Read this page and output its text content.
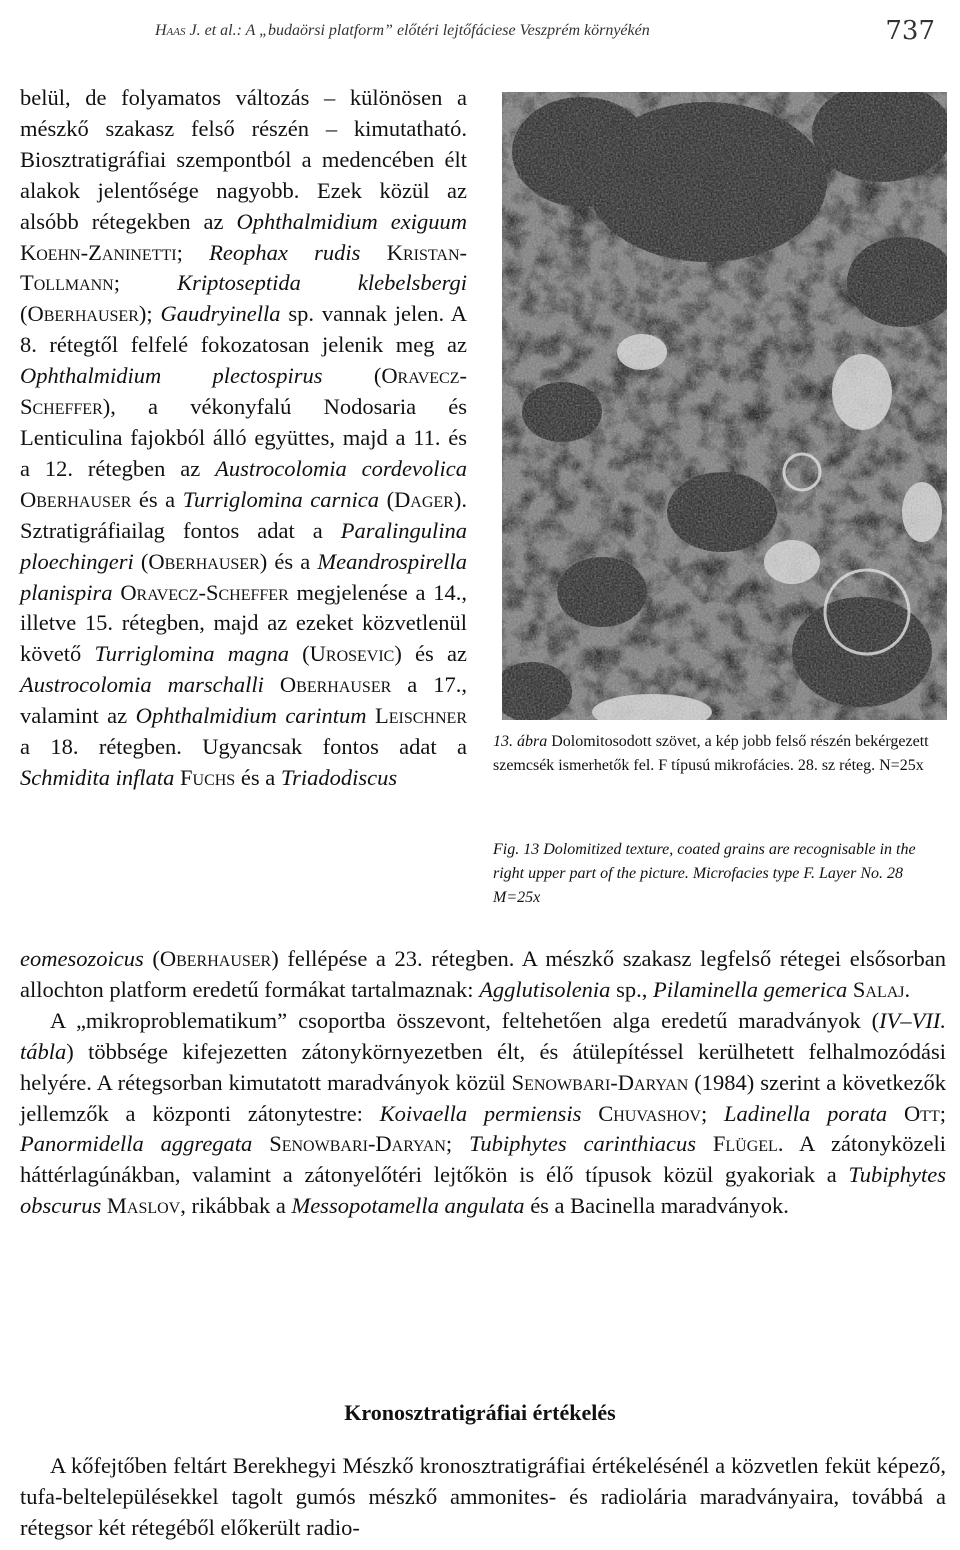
Haas J. et al.: A „budaörsi platform” előtéri lejtőfáciese Veszprém környékén	737

belül, de folyamatos változás – különösen a mészkő szakasz felső részén – kimutatható. Biosztratigráfiai szempontból a medencében élt alakok jelentősége nagyobb. Ezek közül az alsóbb rétegekben az Ophthalmidium exiguum Koehn-Zaninetti; Reophax rudis Kristan-Tollmann; Kriptoseptida klebelsbergi (Oberhauser); Gaudryinella sp. vannak jelen. A 8. rétegtől felfelé fokozatosan jelenik meg az Ophthalmidium plectospirus (Oravecz-Scheffer), a vékonyfalú Nodosaria és Lenticulina fajokból álló együttes, majd a 11. és a 12. rétegben az Austrocolomia cordevolica Oberhauser és a Turriglomina carnica (Dager). Sztratigráfiailag fontos adat a Paralingulina ploechingeri (Oberhauser) és a Meandrospirella planispira Oravecz-Scheffer megjelenése a 14., illetve 15. rétegben, majd az ezeket közvetlenül követő Turriglomina magna (Urosevic) és az Austrocolomia marschalli Oberhauser a 17., valamint az Ophthalmidium carintum Leischner a 18. rétegben. Ugyancsak fontos adat a Schmidita inflata Fuchs és a Triadodiscus

13. ábra Dolomitosodott szövet, a kép jobb felső részén bekérgezett szemcsék ismerhetők fel. F típusú mikrofácies. 28. sz réteg. N=25x
Fig. 13 Dolomitized texture, coated grains are recognisable in the right upper part of the picture. Microfacies type F. Layer No. 28 M=25x

eomesozoicus (Oberhauser) fellépése a 23. rétegben. A mészkő szakasz legfelső rétegei elsősorban allochton platform eredetű formákat tartalmaznak: Agglutisolenia sp., Pilaminella gemerica Salaj.

A „mikroproblematikum” csoportba összevont, feltehetően alga eredetű maradványok (IV–VII. tábla) többsége kifejezetten zátonykörnyezetben élt, és átülepítéssel kerülhetett felhalmozódási helyére. A rétegsorban kimutatott maradványok közül Senowbari-Daryan (1984) szerint a következők jellemzők a központi zátonytestre: Koivaella permiensis Chuvashov; Ladinella porata Ott; Panormidella aggregata Senowbari-Daryan; Tubiphytes carinthiacus Flügel. A zátonyközeli háttérlagúnákban, valamint a zátonyelőtéri lejtőkön is élő típusok közül gyakoriak a Tubiphytes obscurus Maslov, rikábbak a Messopotamella angulata és a Bacinella maradványok.

Kronosztratigráfiai értékelés

A kőfejtőben feltárt Berekhegyi Mészkő kronosztratigráfiai értékelésénél a közvetlen feküt képező, tufa-beltelepülésekkel tagolt gumós mészkő ammonites- és radiolária maradványaira, továbbá a rétegsor két rétegéből előkerült radio-
